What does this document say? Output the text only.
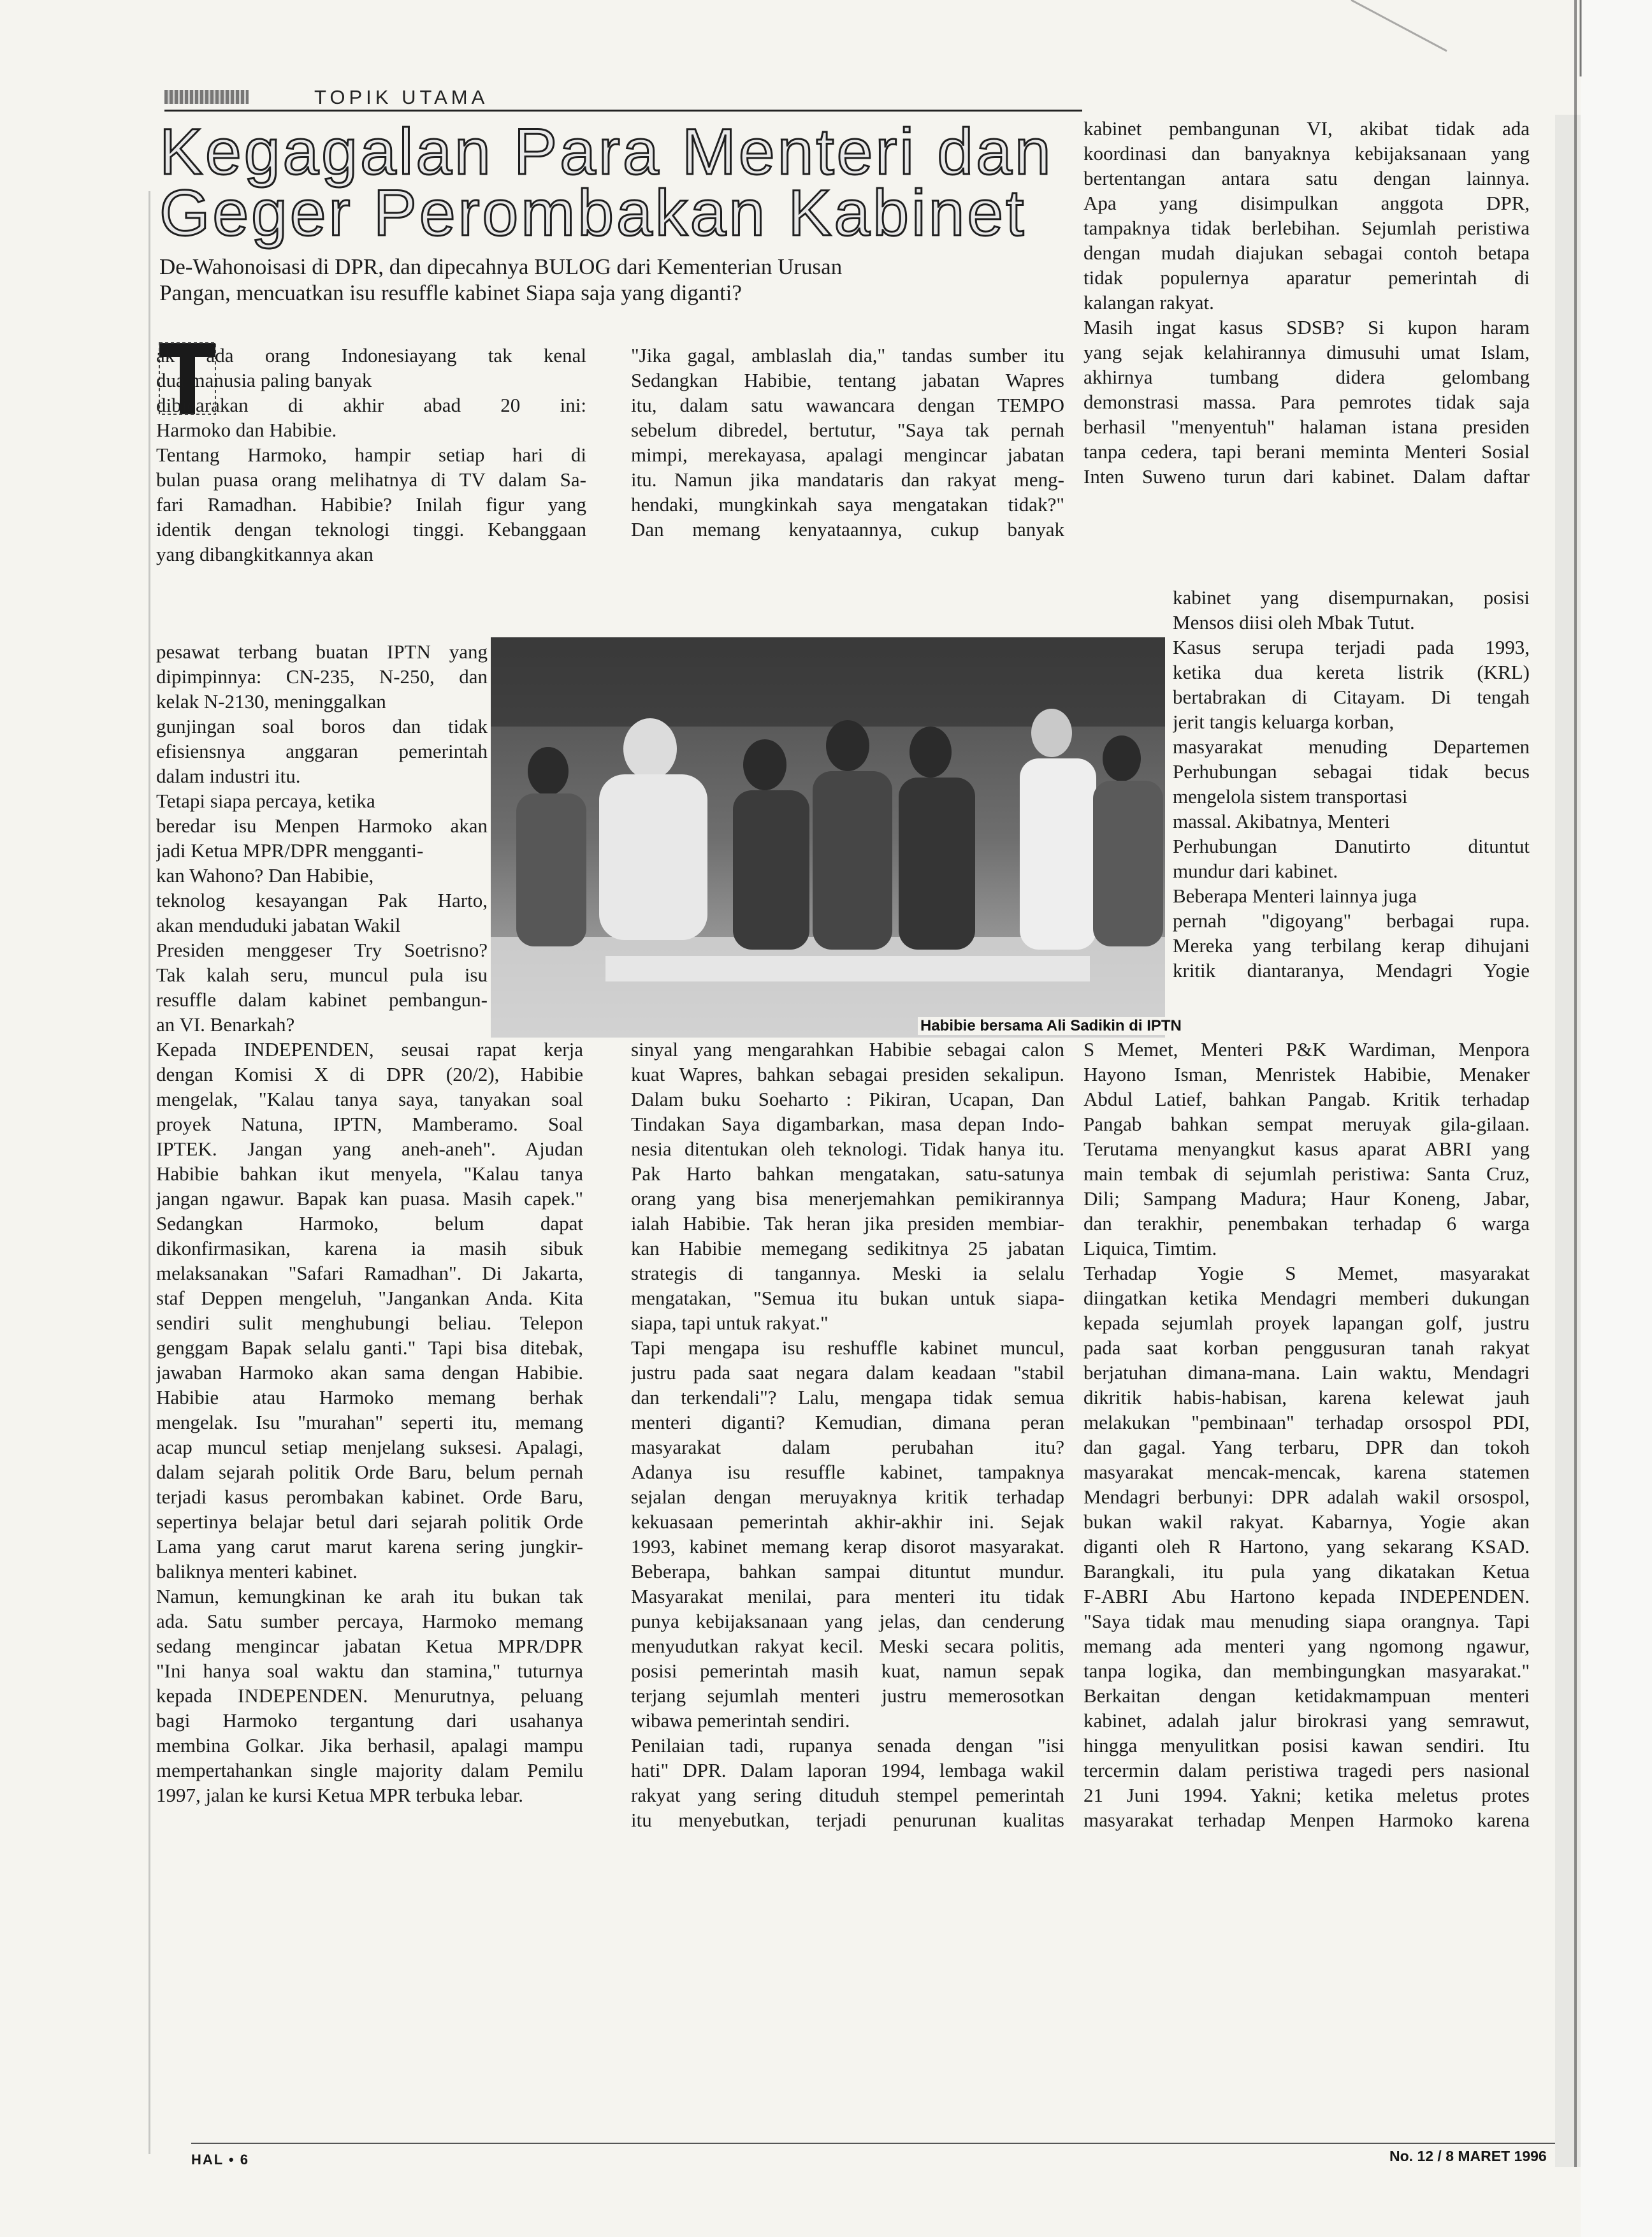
TOPIK UTAMA
Kegagalan Para Menteri dan
Geger Perombakan Kabinet
De-Wahonoisasi di DPR, dan dipecahnya BULOG dari Kementerian Urusan
Pangan, mencuatkan isu resuffle kabinet Siapa saja yang diganti?
ak ada orang Indonesiayang tak kenal
dua manusia paling banyak
dibicarakan di akhir abad 20 ini:
Harmoko dan Habibie.
Tentang Harmoko, hampir setiap hari di
bulan puasa orang melihatnya di TV dalam Sa-
fari Ramadhan. Habibie? Inilah figur yang
identik dengan teknologi tinggi. Kebanggaan
yang dibangkitkannya akan
pesawat terbang buatan IPTN yang
dipimpinnya: CN-235, N-250, dan
kelak N-2130, meninggalkan
gunjingan soal boros dan tidak
efisiensnya anggaran pemerintah
dalam industri itu.
Tetapi siapa percaya, ketika
beredar isu Menpen Harmoko akan
jadi Ketua MPR/DPR mengganti-
kan Wahono? Dan Habibie,
teknolog kesayangan Pak Harto,
akan menduduki jabatan Wakil
Presiden menggeser Try Soetrisno?
Tak kalah seru, muncul pula isu
resuffle dalam kabinet pembangun-
an VI. Benarkah?
Kepada INDEPENDEN, seusai rapat kerja
dengan Komisi X di DPR (20/2), Habibie
mengelak, "Kalau tanya saya, tanyakan soal
proyek Natuna, IPTN, Mamberamo. Soal
IPTEK. Jangan yang aneh-aneh". Ajudan
Habibie bahkan ikut menyela, "Kalau tanya
jangan ngawur. Bapak kan puasa. Masih capek."
Sedangkan Harmoko, belum dapat
dikonfirmasikan, karena ia masih sibuk
melaksanakan "Safari Ramadhan". Di Jakarta,
staf Deppen mengeluh, "Jangankan Anda. Kita
sendiri sulit menghubungi beliau. Telepon
genggam Bapak selalu ganti." Tapi bisa ditebak,
jawaban Harmoko akan sama dengan Habibie.
Habibie atau Harmoko memang berhak
mengelak. Isu "murahan" seperti itu, memang
acap muncul setiap menjelang suksesi. Apalagi,
dalam sejarah politik Orde Baru, belum pernah
terjadi kasus perombakan kabinet. Orde Baru,
sepertinya belajar betul dari sejarah politik Orde
Lama yang carut marut karena sering jungkir-
baliknya menteri kabinet.
Namun, kemungkinan ke arah itu bukan tak
ada. Satu sumber percaya, Harmoko memang
sedang mengincar jabatan Ketua MPR/DPR
"Ini hanya soal waktu dan stamina," tuturnya
kepada INDEPENDEN. Menurutnya, peluang
bagi Harmoko tergantung dari usahanya
membina Golkar. Jika berhasil, apalagi mampu
mempertahankan single majority dalam Pemilu
1997, jalan ke kursi Ketua MPR terbuka lebar.
"Jika gagal, amblaslah dia," tandas sumber itu
Sedangkan Habibie, tentang jabatan Wapres
itu, dalam satu wawancara dengan TEMPO
sebelum dibredel, bertutur, "Saya tak pernah
mimpi, merekayasa, apalagi mengincar jabatan
itu. Namun jika mandataris dan rakyat meng-
hendaki, mungkinkah saya mengatakan tidak?"
Dan memang kenyataannya, cukup banyak
sinyal yang mengarahkan Habibie sebagai calon
kuat Wapres, bahkan sebagai presiden sekalipun.
Dalam buku Soeharto : Pikiran, Ucapan, Dan
Tindakan Saya digambarkan, masa depan Indo-
nesia ditentukan oleh teknologi. Tidak hanya itu.
Pak Harto bahkan mengatakan, satu-satunya
orang yang bisa menerjemahkan pemikirannya
ialah Habibie. Tak heran jika presiden membiar-
kan Habibie memegang sedikitnya 25 jabatan
strategis di tangannya. Meski ia selalu
mengatakan, "Semua itu bukan untuk siapa-
siapa, tapi untuk rakyat."
Tapi mengapa isu reshuffle kabinet muncul,
justru pada saat negara dalam keadaan "stabil
dan terkendali"? Lalu, mengapa tidak semua
menteri diganti? Kemudian, dimana peran
masyarakat dalam perubahan itu?
Adanya isu resuffle kabinet, tampaknya
sejalan dengan meruyaknya kritik terhadap
kekuasaan pemerintah akhir-akhir ini. Sejak
1993, kabinet memang kerap disorot masyarakat.
Beberapa, bahkan sampai dituntut mundur.
Masyarakat menilai, para menteri itu tidak
punya kebijaksanaan yang jelas, dan cenderung
menyudutkan rakyat kecil. Meski secara politis,
posisi pemerintah masih kuat, namun sepak
terjang sejumlah menteri justru memerosotkan
wibawa pemerintah sendiri.
Penilaian tadi, rupanya senada dengan "isi
hati" DPR. Dalam laporan 1994, lembaga wakil
rakyat yang sering dituduh stempel pemerintah
itu menyebutkan, terjadi penurunan kualitas
kabinet pembangunan VI, akibat tidak ada
koordinasi dan banyaknya kebijaksanaan yang
bertentangan antara satu dengan lainnya.
Apa yang disimpulkan anggota DPR,
tampaknya tidak berlebihan. Sejumlah peristiwa
dengan mudah diajukan sebagai contoh betapa
tidak populernya aparatur pemerintah di
kalangan rakyat.
Masih ingat kasus SDSB? Si kupon haram
yang sejak kelahirannya dimusuhi umat Islam,
akhirnya tumbang didera gelombang
demonstrasi massa. Para pemrotes tidak saja
berhasil "menyentuh" halaman istana presiden
tanpa cedera, tapi berani meminta Menteri Sosial
Inten Suweno turun dari kabinet. Dalam daftar
kabinet yang disempurnakan, posisi
Mensos diisi oleh Mbak Tutut.
Kasus serupa terjadi pada 1993,
ketika dua kereta listrik (KRL)
bertabrakan di Citayam. Di tengah
jerit tangis keluarga korban,
masyarakat menuding Departemen
Perhubungan sebagai tidak becus
mengelola sistem transportasi
massal. Akibatnya, Menteri
Perhubungan Danutirto dituntut
mundur dari kabinet.
Beberapa Menteri lainnya juga
pernah "digoyang" berbagai rupa.
Mereka yang terbilang kerap dihujani
kritik diantaranya, Mendagri Yogie
S Memet, Menteri P&K Wardiman, Menpora
Hayono Isman, Menristek Habibie, Menaker
Abdul Latief, bahkan Pangab. Kritik terhadap
Pangab bahkan sempat meruyak gila-gilaan.
Terutama menyangkut kasus aparat ABRI yang
main tembak di sejumlah peristiwa: Santa Cruz,
Dili; Sampang Madura; Haur Koneng, Jabar,
dan terakhir, penembakan terhadap 6 warga
Liquica, Timtim.
Terhadap Yogie S Memet, masyarakat
diingatkan ketika Mendagri memberi dukungan
kepada sejumlah proyek lapangan golf, justru
pada saat korban penggusuran tanah rakyat
berjatuhan dimana-mana. Lain waktu, Mendagri
dikritik habis-habisan, karena kelewat jauh
melakukan "pembinaan" terhadap orsospol PDI,
dan gagal. Yang terbaru, DPR dan tokoh
masyarakat mencak-mencak, karena statemen
Mendagri berbunyi: DPR adalah wakil orsospol,
bukan wakil rakyat. Kabarnya, Yogie akan
diganti oleh R Hartono, yang sekarang KSAD.
Barangkali, itu pula yang dikatakan Ketua
F-ABRI Abu Hartono kepada INDEPENDEN.
"Saya tidak mau menuding siapa orangnya. Tapi
memang ada menteri yang ngomong ngawur,
tanpa logika, dan membingungkan masyarakat."
Berkaitan dengan ketidakmampuan menteri
kabinet, adalah jalur birokrasi yang semrawut,
hingga menyulitkan posisi kawan sendiri. Itu
tercermin dalam peristiwa tragedi pers nasional
21 Juni 1994. Yakni; ketika meletus protes
masyarakat terhadap Menpen Harmoko karena
Habibie bersama Ali Sadikin di IPTN
HAL • 6	No. 12 / 8 MARET 1996
